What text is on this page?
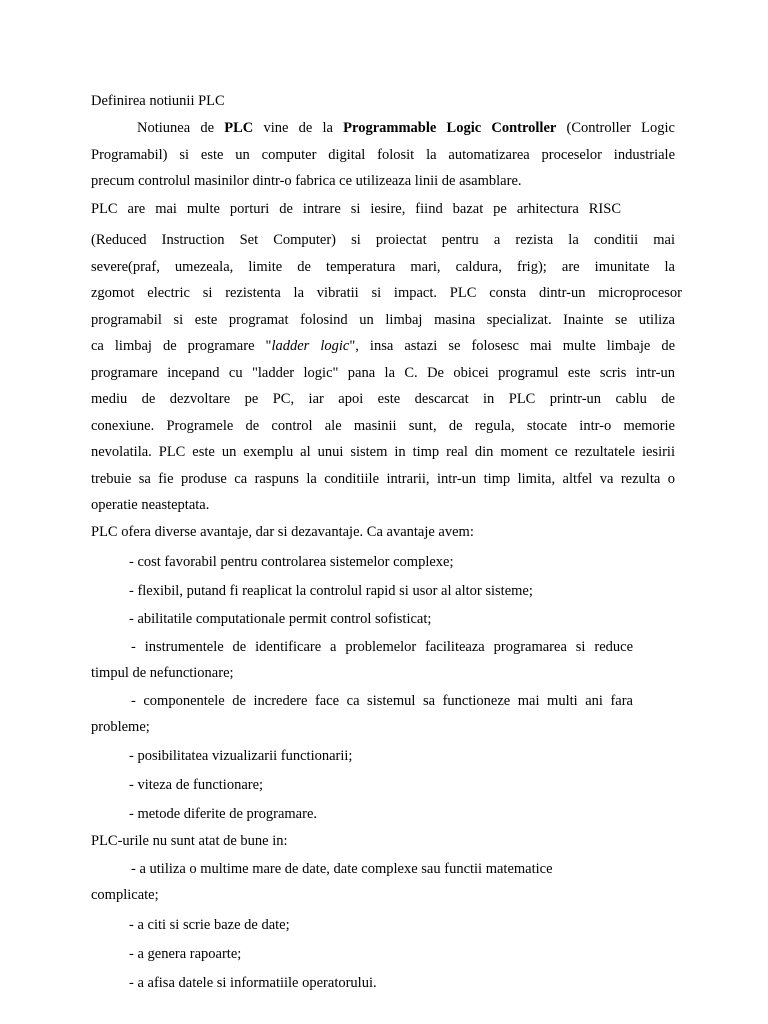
Definirea notiunii PLC
Notiunea de PLC vine de la Programmable Logic Controller (Controller Logic
Programabil) si este un computer digital folosit la automatizarea proceselor industriale
precum controlul masinilor dintr-o fabrica ce utilizeaza linii de asamblare.
PLC are mai multe porturi de intrare si iesire, fiind bazat pe arhitectura RISC
(Reduced Instruction Set Computer) si proiectat pentru a rezista la conditii mai
severe(praf, umezeala, limite de temperatura mari, caldura, frig); are imunitate la
zgomot electric si rezistenta la vibratii si impact. PLC consta dintr-un microprocesor
programabil si este programat folosind un limbaj masina specializat. Inainte se utiliza
ca limbaj de programare "ladder logic", insa astazi se folosesc mai multe limbaje de
programare incepand cu "ladder logic" pana la C. De obicei programul este scris intr-un
mediu de dezvoltare pe PC, iar apoi este descarcat in PLC printr-un cablu de
conexiune. Programele de control ale masinii sunt, de regula, stocate intr-o memorie
nevolatila. PLC este un exemplu al unui sistem in timp real din moment ce rezultatele iesirii
trebuie sa fie produse ca raspuns la conditiile intrarii, intr-un timp limita, altfel va rezulta o
operatie neasteptata.
PLC ofera diverse avantaje, dar si dezavantaje. Ca avantaje avem:
- cost favorabil pentru controlarea sistemelor complexe;
- flexibil, putand fi reaplicat la controlul rapid si usor al altor sisteme;
- abilitatile computationale permit control sofisticat;
- instrumentele de identificare a problemelor faciliteaza programarea si reduce
timpul de nefunctionare;
- componentele de incredere face ca sistemul sa functioneze mai multi ani fara
probleme;
- posibilitatea vizualizarii functionarii;
- viteza de functionare;
- metode diferite de programare.
PLC-urile nu sunt atat de bune in:
- a utiliza o multime mare de date, date complexe sau functii matematice
complicate;
- a citi si scrie baze de date;
- a genera rapoarte;
- a afisa datele si informatiile operatorului.
